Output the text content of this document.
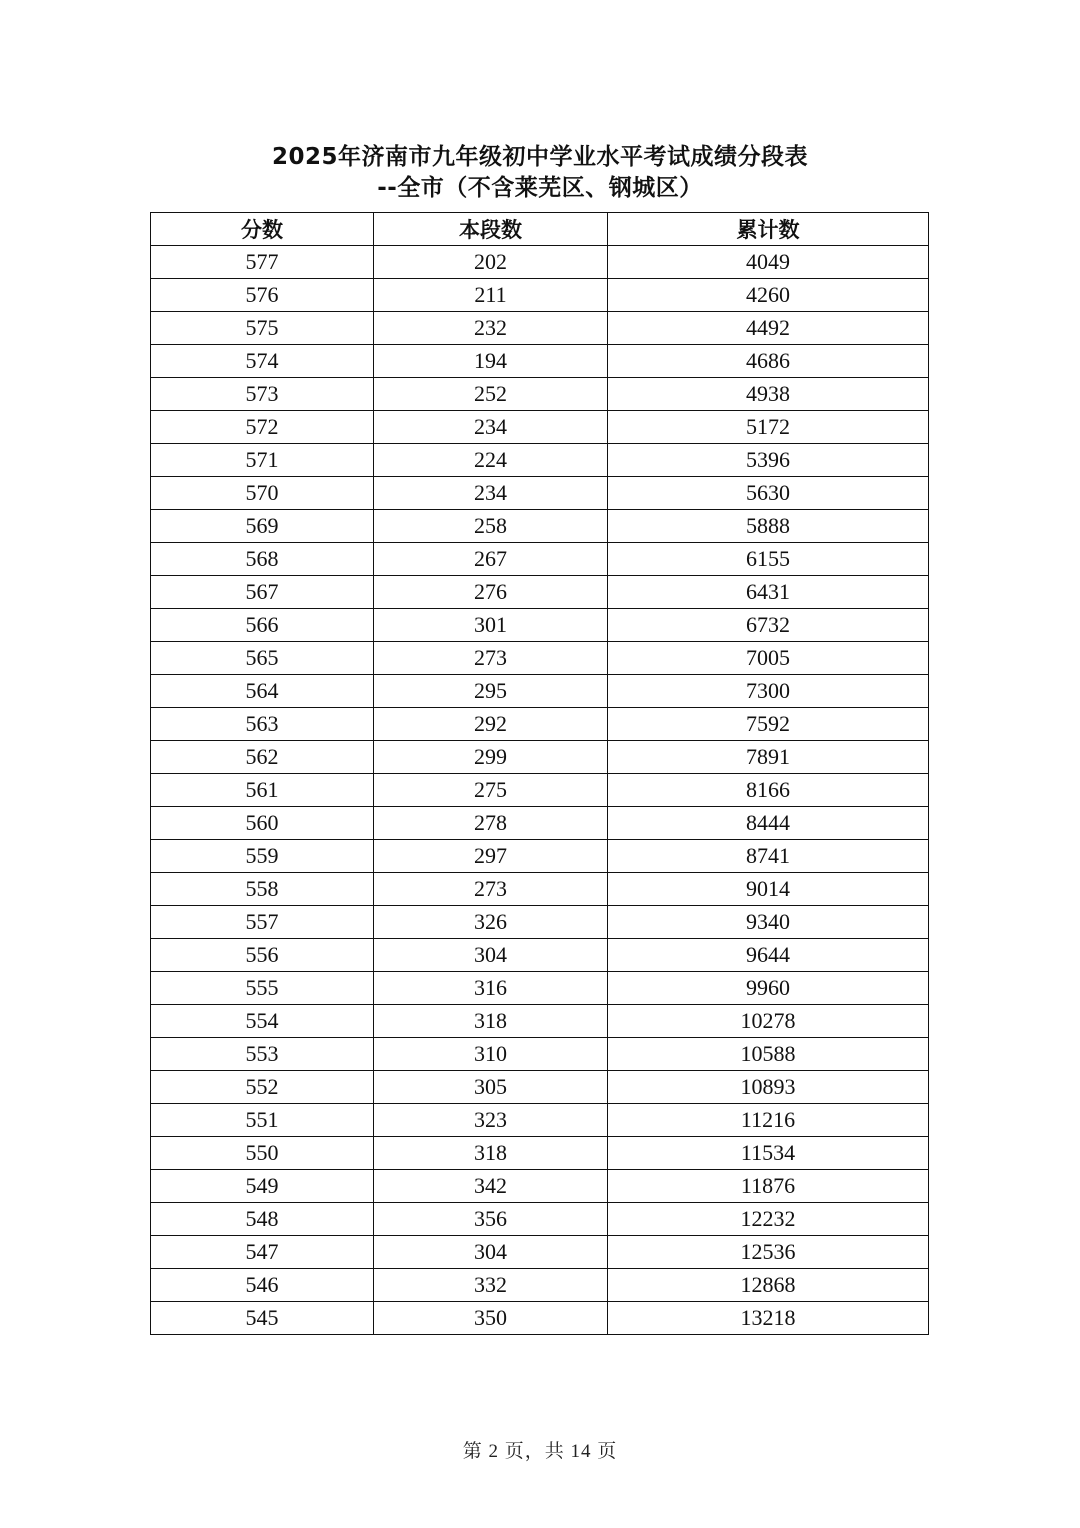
2025年济南市九年级初中学业水平考试成绩分段表
--全市（不含莱芜区、钢城区）
分数	本段数	累计数
577	202	4049
576	211	4260
575	232	4492
574	194	4686
573	252	4938
572	234	5172
571	224	5396
570	234	5630
569	258	5888
568	267	6155
567	276	6431
566	301	6732
565	273	7005
564	295	7300
563	292	7592
562	299	7891
561	275	8166
560	278	8444
559	297	8741
558	273	9014
557	326	9340
556	304	9644
555	316	9960
554	318	10278
553	310	10588
552	305	10893
551	323	11216
550	318	11534
549	342	11876
548	356	12232
547	304	12536
546	332	12868
545	350	13218
第 2 页，共 14 页
